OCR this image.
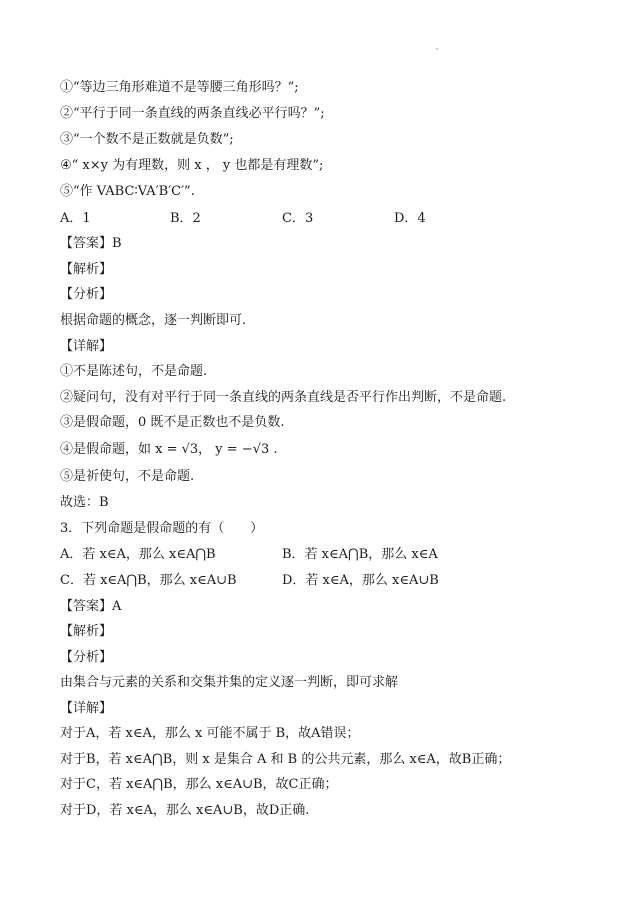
①“等边三角形难道不是等腰三角形吗？”;
②“平行于同一条直线的两条直线必平行吗？”;
③“一个数不是正数就是负数”;
④“ x×y 为有理数，则 x ， y 也都是有理数”;
⑤“作 VABC∶VA′B′C′”.
A．1	B．2	C．3	D．4
【答案】B
【解析】
【分析】
根据命题的概念，逐一判断即可.
【详解】
①不是陈述句，不是命题.
②疑问句，没有对平行于同一条直线的两条直线是否平行作出判断，不是命题.
③是假命题，0 既不是正数也不是负数.
④是假命题，如 x = √3， y = −√3 .
⑤是祈使句，不是命题.
故选：B
3．下列命题是假命题的有（　　）
A．若 x∈A，那么 x∈A⋂B	B．若 x∈A⋂B，那么 x∈A
C．若 x∈A⋂B，那么 x∈A∪B	D．若 x∈A，那么 x∈A∪B
【答案】A
【解析】
【分析】
由集合与元素的关系和交集并集的定义逐一判断，即可求解
【详解】
对于A，若 x∈A，那么 x 可能不属于 B，故A错误；
对于B，若 x∈A⋂B，则 x 是集合 A 和 B 的公共元素，那么 x∈A，故B正确；
对于C，若 x∈A⋂B，那么 x∈A∪B，故C正确；
对于D，若 x∈A，那么 x∈A∪B，故D正确.
